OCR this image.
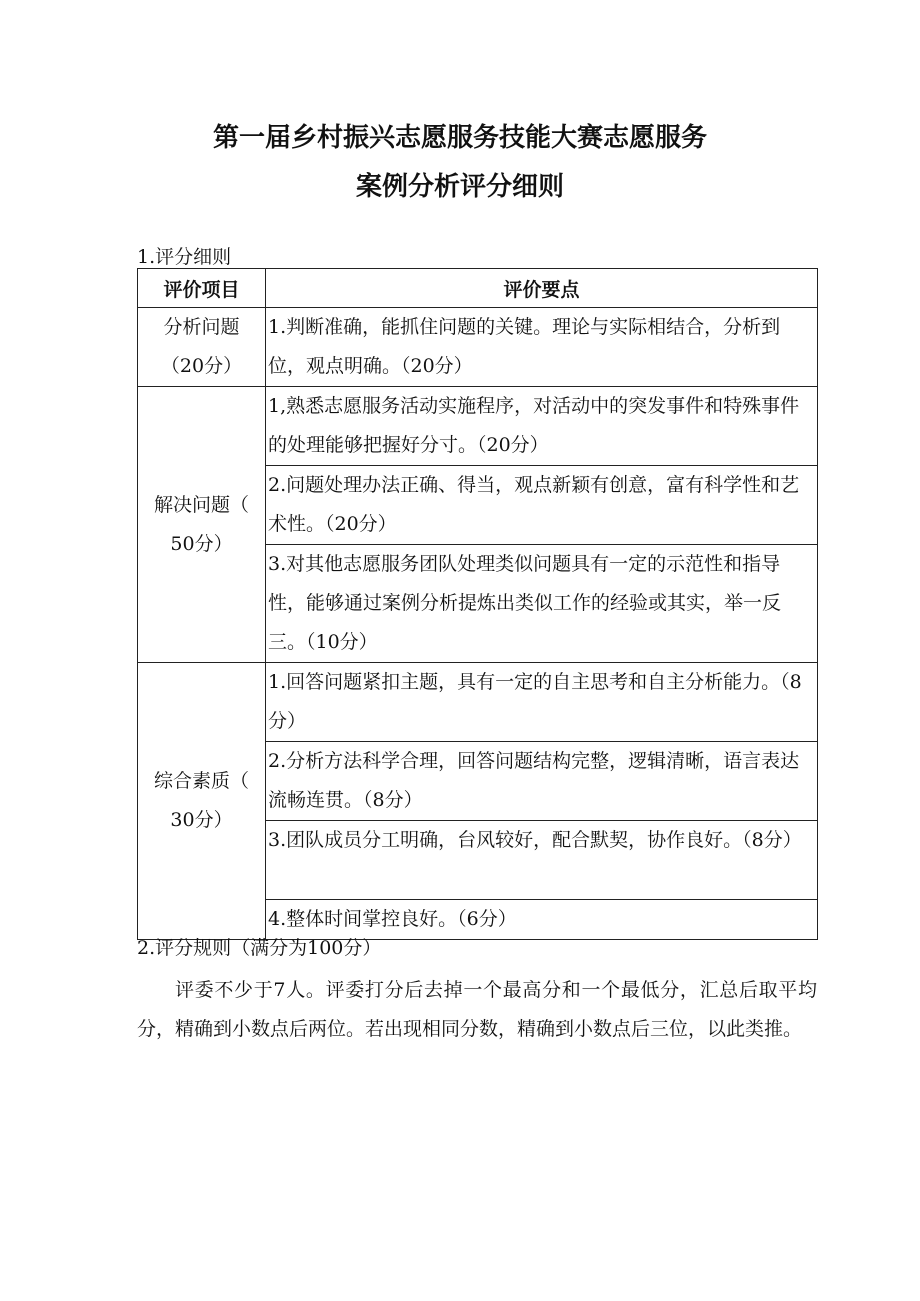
第一届乡村振兴志愿服务技能大赛志愿服务
案例分析评分细则
1.评分细则
评价项目	评价要点

分析问题
（20分）	1.判断准确，能抓住问题的关键。理论与实际相结合，分析到位，观点明确。（20分）

解决问题（
50分）	1,熟悉志愿服务活动实施程序，对活动中的突发事件和特殊事件的处理能够把握好分寸。（20分）
	2.问题处理办法正确、得当，观点新颖有创意，富有科学性和艺术性。（20分）
	3.对其他志愿服务团队处理类似问题具有一定的示范性和指导性，能够通过案例分析提炼出类似工作的经验或其实，举一反三。（10分）

综合素质（
30分）	1.回答问题紧扣主题，具有一定的自主思考和自主分析能力。（8分）
	2.分析方法科学合理，回答问题结构完整，逻辑清晰，语言表达流畅连贯。（8分）
	3.团队成员分工明确，台风较好，配合默契，协作良好。（8分）
	4.整体时间掌控良好。（6分）
2.评分规则（满分为100分）
评委不少于7人。评委打分后去掉一个最高分和一个最低分，汇总后取平均分，精确到小数点后两位。若出现相同分数，精确到小数点后三位，以此类推。
